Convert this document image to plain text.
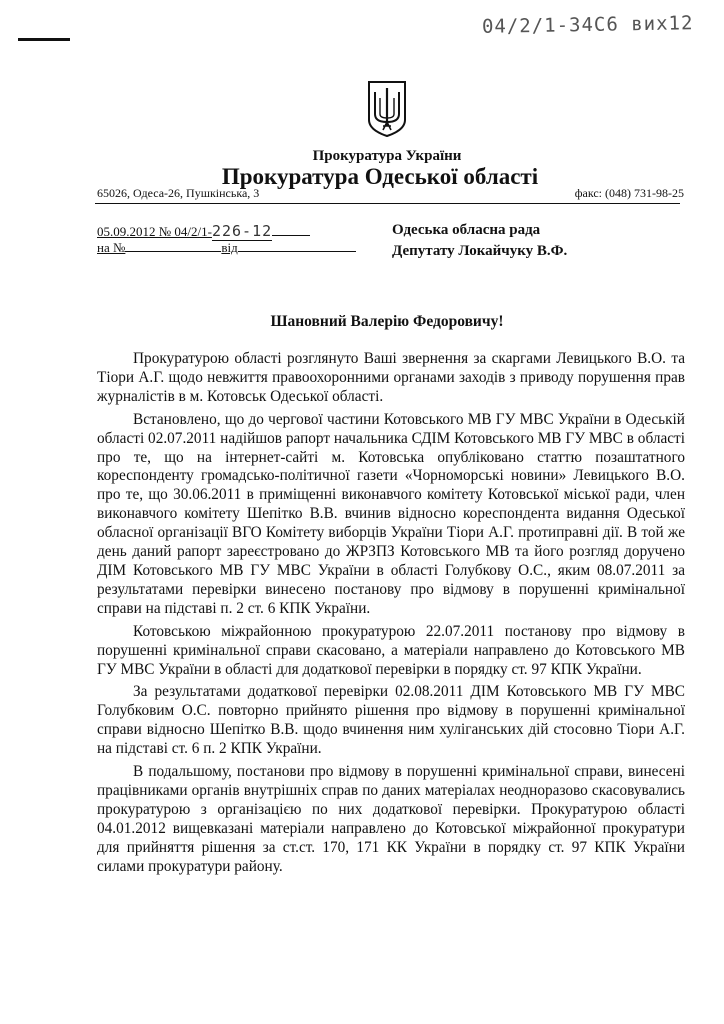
04/2/1-34С6 вих12
Прокуратура України
Прокуратура Одеської області
65026, Одеса-26, Пушкінська, 3	факс: (048) 731-98-25
05.09.2012 № 04/2/1-226-12
на №	від
Одеська обласна рада
Депутату Локайчуку В.Ф.
Шановний Валерію Федоровичу!

Прокуратурою області розглянуто Ваші звернення за скаргами Левицького В.О. та Тіори А.Г. щодо невжиття правоохоронними органами заходів з приводу порушення прав журналістів в м. Котовськ Одеської області.

Встановлено, що до чергової частини Котовського МВ ГУ МВС України в Одеській області 02.07.2011 надійшов рапорт начальника СДІМ Котовського МВ ГУ МВС в області про те, що на інтернет-сайті м. Котовська опубліковано статтю позаштатного кореспонденту громадсько-політичної газети «Чорноморські новини» Левицького В.О. про те, що 30.06.2011 в приміщенні виконавчого комітету Котовської міської ради, член виконавчого комітету Шепітко В.В. вчинив відносно кореспондента видання Одеської обласної організації ВГО Комітету виборців України Тіори А.Г. протиправні дії. В той же день даний рапорт зареєстровано до ЖРЗПЗ Котовського МВ та його розгляд доручено ДІМ Котовського МВ ГУ МВС України в області Голубкову О.С., яким 08.07.2011 за результатами перевірки винесено постанову про відмову в порушенні кримінальної справи на підставі п. 2 ст. 6 КПК України.

Котовською міжрайонною прокуратурою 22.07.2011 постанову про відмову в порушенні кримінальної справи скасовано, а матеріали направлено до Котовського МВ ГУ МВС України в області для додаткової перевірки в порядку ст. 97 КПК України.

За результатами додаткової перевірки 02.08.2011 ДІМ Котовського МВ ГУ МВС Голубковим О.С. повторно прийнято рішення про відмову в порушенні кримінальної справи відносно Шепітко В.В. щодо вчинення ним хуліганських дій стосовно Тіори А.Г. на підставі ст. 6 п. 2 КПК України.

В подальшому, постанови про відмову в порушенні кримінальної справи, винесені працівниками органів внутрішніх справ по даних матеріалах неодноразово скасовувались прокуратурою з організацією по них додаткової перевірки. Прокуратурою області 04.01.2012 вищевказані матеріали направлено до Котовської міжрайонної прокуратури для прийняття рішення за ст.ст. 170, 171 КК України в порядку ст. 97 КПК України силами прокуратури району.
